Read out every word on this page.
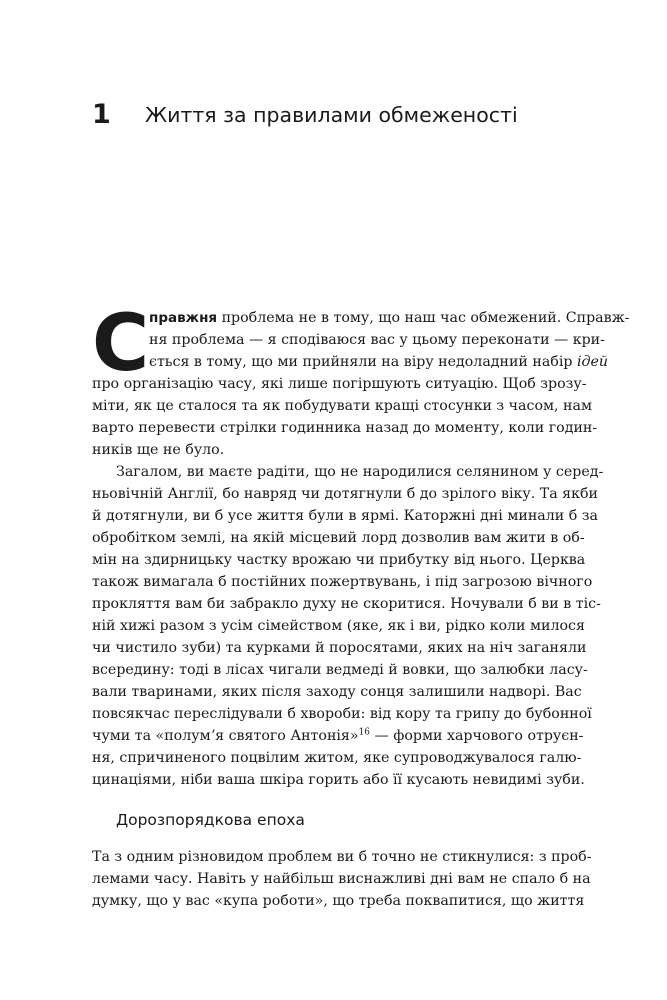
1 Життя за правилами обмеженості
С правжня проблема не в тому, що наш час обмежений. Справж-
ня проблема — я сподіваюся вас у цьому переконати — кри-
ється в тому, що ми прийняли на віру недоладний набір ідей
про організацію часу, які лише погіршують ситуацію. Щоб зрозу-
міти, як це сталося та як побудувати кращі стосунки з часом, нам
варто перевести стрілки годинника назад до моменту, коли годин-
ників ще не було.
Загалом, ви маєте радіти, що не народилися селянином у серед-
ньовічній Англії, бо навряд чи дотягнули б до зрілого віку. Та якби
й дотягнули, ви б усе життя були в ярмі. Каторжні дні минали б за
обробітком землі, на якій місцевий лорд дозволив вам жити в об-
мін на здирницьку частку врожаю чи прибутку від нього. Церква
також вимагала б постійних пожертвувань, і під загрозою вічного
прокляття вам би забракло духу не скоритися. Ночували б ви в тіс-
ній хижі разом з усім сімейством (яке, як і ви, рідко коли милося
чи чистило зуби) та курками й поросятами, яких на ніч заганяли
всередину: тоді в лісах чигали ведмеді й вовки, що залюбки ласу-
вали тваринами, яких після заходу сонця залишили надворі. Вас
повсякчас переслідували б хвороби: від кору та грипу до бубонної
чуми та «полумʼя святого Антонія»$^{16}$ — форми харчового отруєн-
ня, спричиненого поцвілим житом, яке супроводжувалося галю-
цинаціями, ніби ваша шкіра горить або її кусають невидимі зуби.
Дорозпорядкова епоха
Та з одним різновидом проблем ви б точно не стикнулися: з проб-
лемами часу. Навіть у найбільш виснажливі дні вам не спало б на
думку, що у вас «купа роботи», що треба поквапитися, що життя
